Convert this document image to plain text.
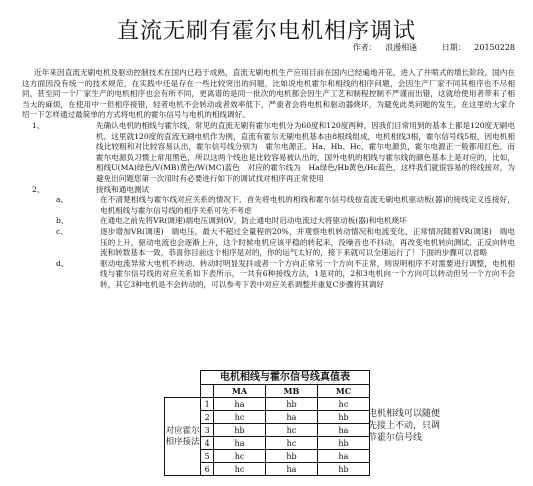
直流无刷有霍尔电机相序调试
作者： 浪漫相逢	日期： 20150228

近年来因直流无刷电机及驱动控制技术在国内已趋于成熟，直流无刷电机生产应用目前在国内已经遍地开花，进入了井喷式的增长阶段，国内在这方面因没有统一的技术规范，在实践中还是存在一些比较突出的问题，比如说电机霍尔和相线的相序问题，会因生产厂家不同其相序也不尽相同，甚至同一个厂家生产的电机相序也会有所不同，更离谱的是同一批次的电机都会因生产工艺和制程控制不严谨而出错，这就给使用者带来了相当大的麻烦，在使用中一但相序接错，轻者电机不会转动或者效率低下，严重者会将电机和驱动器烧坏，为避免此类问题的发生，在这里给大家介绍一下怎样通过最简单的方式将电机的霍尔信号与电机的相线调好。

1、	先确认电机的相线与霍尔线，常见的直流无刷有霍尔电机分为60度和120度两种，因我们目常用到的基本上都是120度无刷电机，这里就120度的直流无刷电机作为例，直流有霍尔无刷电机基本由8根线组成，电机相线3根，霍尔信号线5根，因电机相线比较粗和对比较容易认出，霍尔信号线分别为　霍尔电源正、Ha、Hb、Hc、霍尔电源负，霍尔电源正一般都用红色，而霍尔电源负习惯上常用黑色，所以这两个线也是比较容易被认出的，国外电机的相线与霍尔线的颜色基本上是对应的，比如，相线U(MA)绿色/V(MB)黄色/W(MC)蓝色　对应的霍尔线为　Ha绿色/Hb黄色/Hc蓝色，这样我们就很容易的将线接对，为避免出问题您第一次用时有必要进行如下的调试找对相序再正常使用
2、	接线和通电测试
a、	在不清楚相线与霍尔线对应关系的情况下，首先将电机的相线和霍尔信号线按直流无刷电机驱动板(器)的接线定义连接好，电机相线与霍尔信号线的相序关系可先不考虑
b、	在通电之前先将VR(调速)端电压调到0V，防止通电时启动电流过大将驱动板(器)和电机烧坏
c、	逐步增加VR(调速)　端电压，最大不超过全量程的20%，并观察电机转动情况和电流变化，正常情况随着VR(调速)　端电压的上升，驱动电流也会逐渐上升，这个时候电机应该平稳的转起来，没噪音也不抖动，再改变电机转向测试，正反向转电流和转数基本一致，恭喜你目前这个相序是对的，你的运气太好的，接下来就可以全速运行了！下面的步骤可以省略
d、	驱动电流异常大电机不转动、转动时明显发抖或者一个方向正常另一个方向不正常，则说明相序不对需要进行调整，电机相线与霍尔信号线的对应关系如下表所示，一共有6种接线方法，1是对的，2和3电机向一个方向可以转动但另一个方向不会转，其它3种电机是不会转动的，可以参考下表中对应关系调整并重复C步骤将其调好
电机相线与霍尔信号线真值表
		MA	MB	MC
对应霍尔相序接法	1	ha	hb	hc
	2	hc	ha	hb
	3	hb	hc	ha
	4	ha	hc	hb
	5	hc	hb	ha
	6	hc	ha	hb
电机相线可以随便先接上不动，只调节霍尔信号线
